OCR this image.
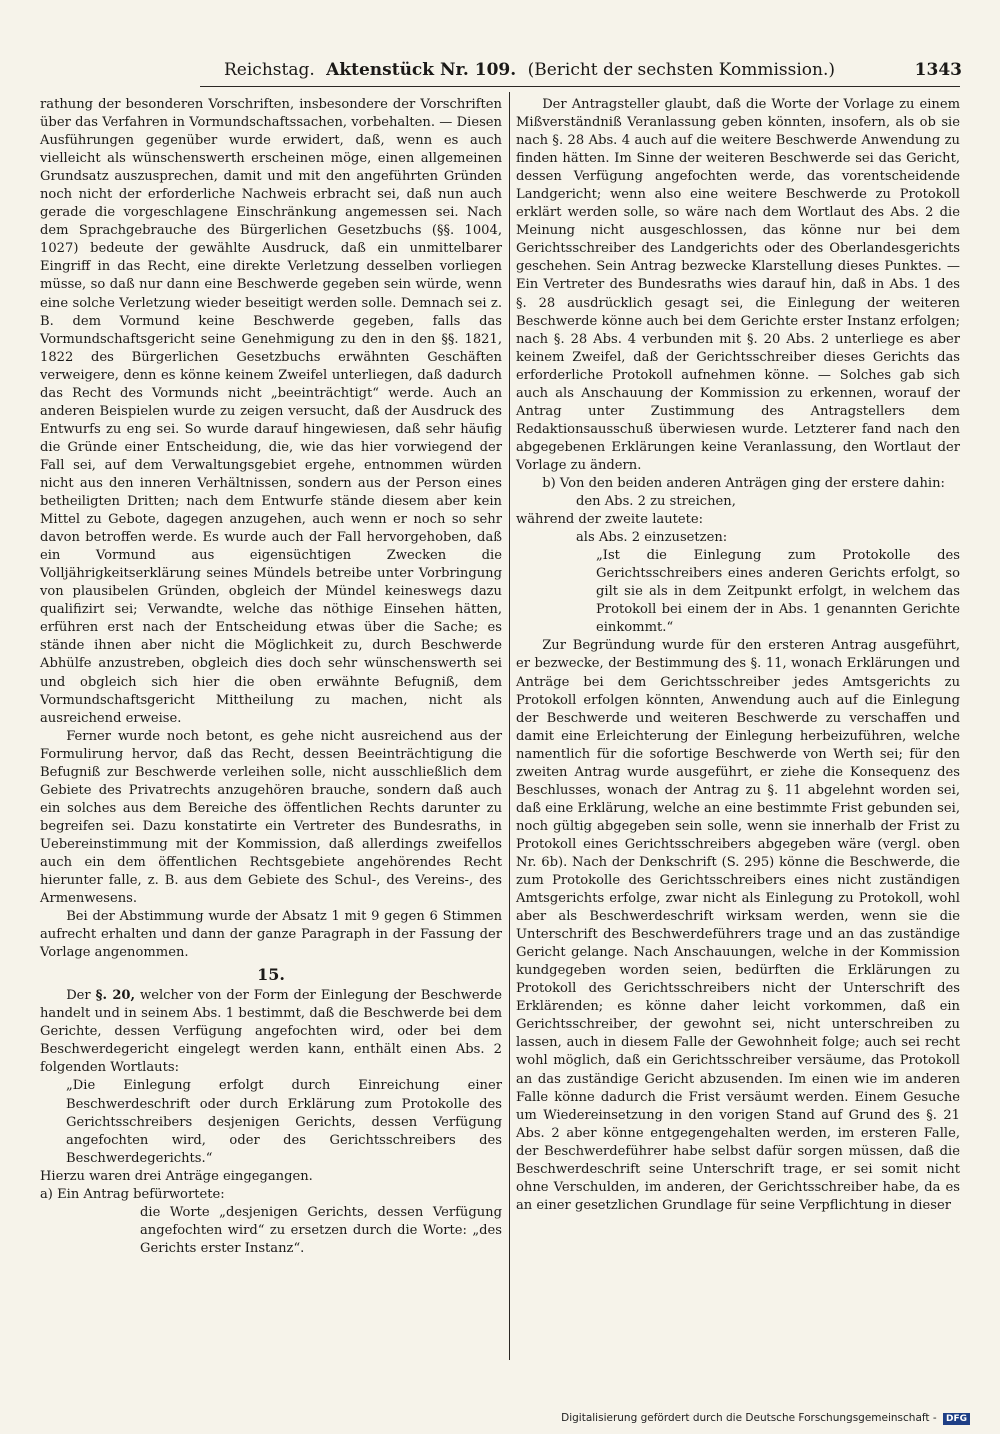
Reichstag. Aktenstück Nr. 109. (Bericht der sechsten Kommission.)	1343

rathung der besonderen Vorschriften, insbesondere der Vorschriften über das Verfahren in Vormundschaftssachen, vorbehalten. — Diesen Ausführungen gegenüber wurde erwidert, daß, wenn es auch vielleicht als wünschenswerth erscheinen möge, einen allgemeinen Grundsatz auszusprechen, damit und mit den angeführten Gründen noch nicht der erforderliche Nachweis erbracht sei, daß nun auch gerade die vorgeschlagene Einschränkung angemessen sei. Nach dem Sprachgebrauche des Bürgerlichen Gesetzbuchs (§§. 1004, 1027) bedeute der gewählte Ausdruck, daß ein unmittelbarer Eingriff in das Recht, eine direkte Verletzung desselben vorliegen müsse, so daß nur dann eine Beschwerde gegeben sein würde, wenn eine solche Verletzung wieder beseitigt werden solle. Demnach sei z. B. dem Vormund keine Beschwerde gegeben, falls das Vormundschaftsgericht seine Genehmigung zu den in den §§. 1821, 1822 des Bürgerlichen Gesetzbuchs erwähnten Geschäften verweigere, denn es könne keinem Zweifel unterliegen, daß dadurch das Recht des Vormunds nicht „beeinträchtigt“ werde. Auch an anderen Beispielen wurde zu zeigen versucht, daß der Ausdruck des Entwurfs zu eng sei. So wurde darauf hingewiesen, daß sehr häufig die Gründe einer Entscheidung, die, wie das hier vorwiegend der Fall sei, auf dem Verwaltungsgebiet ergehe, entnommen würden nicht aus den inneren Verhältnissen, sondern aus der Person eines betheiligten Dritten; nach dem Entwurfe stände diesem aber kein Mittel zu Gebote, dagegen anzugehen, auch wenn er noch so sehr davon betroffen werde. Es wurde auch der Fall hervorgehoben, daß ein Vormund aus eigensüchtigen Zwecken die Volljährigkeitserklärung seines Mündels betreibe unter Vorbringung von plausibelen Gründen, obgleich der Mündel keineswegs dazu qualifizirt sei; Verwandte, welche das nöthige Einsehen hätten, erführen erst nach der Entscheidung etwas über die Sache; es stände ihnen aber nicht die Möglichkeit zu, durch Beschwerde Abhülfe anzustreben, obgleich dies doch sehr wünschenswerth sei und obgleich sich hier die oben erwähnte Befugniß, dem Vormundschaftsgericht Mittheilung zu machen, nicht als ausreichend erweise.

Ferner wurde noch betont, es gehe nicht ausreichend aus der Formulirung hervor, daß das Recht, dessen Beeinträchtigung die Befugniß zur Beschwerde verleihen solle, nicht ausschließlich dem Gebiete des Privatrechts anzugehören brauche, sondern daß auch ein solches aus dem Bereiche des öffentlichen Rechts darunter zu begreifen sei. Dazu konstatirte ein Vertreter des Bundesraths, in Uebereinstimmung mit der Kommission, daß allerdings zweifellos auch ein dem öffentlichen Rechtsgebiete angehörendes Recht hierunter falle, z. B. aus dem Gebiete des Schul-, des Vereins-, des Armenwesens.

Bei der Abstimmung wurde der Absatz 1 mit 9 gegen 6 Stimmen aufrecht erhalten und dann der ganze Paragraph in der Fassung der Vorlage angenommen.

15.

Der §. 20, welcher von der Form der Einlegung der Beschwerde handelt und in seinem Abs. 1 bestimmt, daß die Beschwerde bei dem Gerichte, dessen Verfügung angefochten wird, oder bei dem Beschwerdegericht eingelegt werden kann, enthält einen Abs. 2 folgenden Wortlauts:

„Die Einlegung erfolgt durch Einreichung einer Beschwerdeschrift oder durch Erklärung zum Protokolle des Gerichtsschreibers desjenigen Gerichts, dessen Verfügung angefochten wird, oder des Gerichtsschreibers des Beschwerdegerichts.“

Hierzu waren drei Anträge eingegangen.

a) Ein Antrag befürwortete:

die Worte „desjenigen Gerichts, dessen Verfügung angefochten wird“ zu ersetzen durch die Worte: „des Gerichts erster Instanz“.

Der Antragsteller glaubt, daß die Worte der Vorlage zu einem Mißverständniß Veranlassung geben könnten, insofern, als ob sie nach §. 28 Abs. 4 auch auf die weitere Beschwerde Anwendung zu finden hätten. Im Sinne der weiteren Beschwerde sei das Gericht, dessen Verfügung angefochten werde, das vorentscheidende Landgericht; wenn also eine weitere Beschwerde zu Protokoll erklärt werden solle, so wäre nach dem Wortlaut des Abs. 2 die Meinung nicht ausgeschlossen, das könne nur bei dem Gerichtsschreiber des Landgerichts oder des Oberlandesgerichts geschehen. Sein Antrag bezwecke Klarstellung dieses Punktes. — Ein Vertreter des Bundesraths wies darauf hin, daß in Abs. 1 des §. 28 ausdrücklich gesagt sei, die Einlegung der weiteren Beschwerde könne auch bei dem Gerichte erster Instanz erfolgen; nach §. 28 Abs. 4 verbunden mit §. 20 Abs. 2 unterliege es aber keinem Zweifel, daß der Gerichtsschreiber dieses Gerichts das erforderliche Protokoll aufnehmen könne. — Solches gab sich auch als Anschauung der Kommission zu erkennen, worauf der Antrag unter Zustimmung des Antragstellers dem Redaktionsausschuß überwiesen wurde. Letzterer fand nach den abgegebenen Erklärungen keine Veranlassung, den Wortlaut der Vorlage zu ändern.

b) Von den beiden anderen Anträgen ging der erstere dahin:

den Abs. 2 zu streichen,

während der zweite lautete:

als Abs. 2 einzusetzen:

„Ist die Einlegung zum Protokolle des Gerichtsschreibers eines anderen Gerichts erfolgt, so gilt sie als in dem Zeitpunkt erfolgt, in welchem das Protokoll bei einem der in Abs. 1 genannten Gerichte einkommt.“

Zur Begründung wurde für den ersteren Antrag ausgeführt, er bezwecke, der Bestimmung des §. 11, wonach Erklärungen und Anträge bei dem Gerichtsschreiber jedes Amtsgerichts zu Protokoll erfolgen könnten, Anwendung auch auf die Einlegung der Beschwerde und weiteren Beschwerde zu verschaffen und damit eine Erleichterung der Einlegung herbeizuführen, welche namentlich für die sofortige Beschwerde von Werth sei; für den zweiten Antrag wurde ausgeführt, er ziehe die Konsequenz des Beschlusses, wonach der Antrag zu §. 11 abgelehnt worden sei, daß eine Erklärung, welche an eine bestimmte Frist gebunden sei, noch gültig abgegeben sein solle, wenn sie innerhalb der Frist zu Protokoll eines Gerichtsschreibers abgegeben wäre (vergl. oben Nr. 6b). Nach der Denkschrift (S. 295) könne die Beschwerde, die zum Protokolle des Gerichtsschreibers eines nicht zuständigen Amtsgerichts erfolge, zwar nicht als Einlegung zu Protokoll, wohl aber als Beschwerdeschrift wirksam werden, wenn sie die Unterschrift des Beschwerdeführers trage und an das zuständige Gericht gelange. Nach Anschauungen, welche in der Kommission kundgegeben worden seien, bedürften die Erklärungen zu Protokoll des Gerichtsschreibers nicht der Unterschrift des Erklärenden; es könne daher leicht vorkommen, daß ein Gerichtsschreiber, der gewohnt sei, nicht unterschreiben zu lassen, auch in diesem Falle der Gewohnheit folge; auch sei recht wohl möglich, daß ein Gerichtsschreiber versäume, das Protokoll an das zuständige Gericht abzusenden. Im einen wie im anderen Falle könne dadurch die Frist versäumt werden. Einem Gesuche um Wiedereinsetzung in den vorigen Stand auf Grund des §. 21 Abs. 2 aber könne entgegengehalten werden, im ersteren Falle, der Beschwerdeführer habe selbst dafür sorgen müssen, daß die Beschwerdeschrift seine Unterschrift trage, er sei somit nicht ohne Verschulden, im anderen, der Gerichtsschreiber habe, da es an einer gesetzlichen Grundlage für seine Verpflichtung in dieser

Digitalisierung gefördert durch die Deutsche Forschungsgemeinschaft - DFG
